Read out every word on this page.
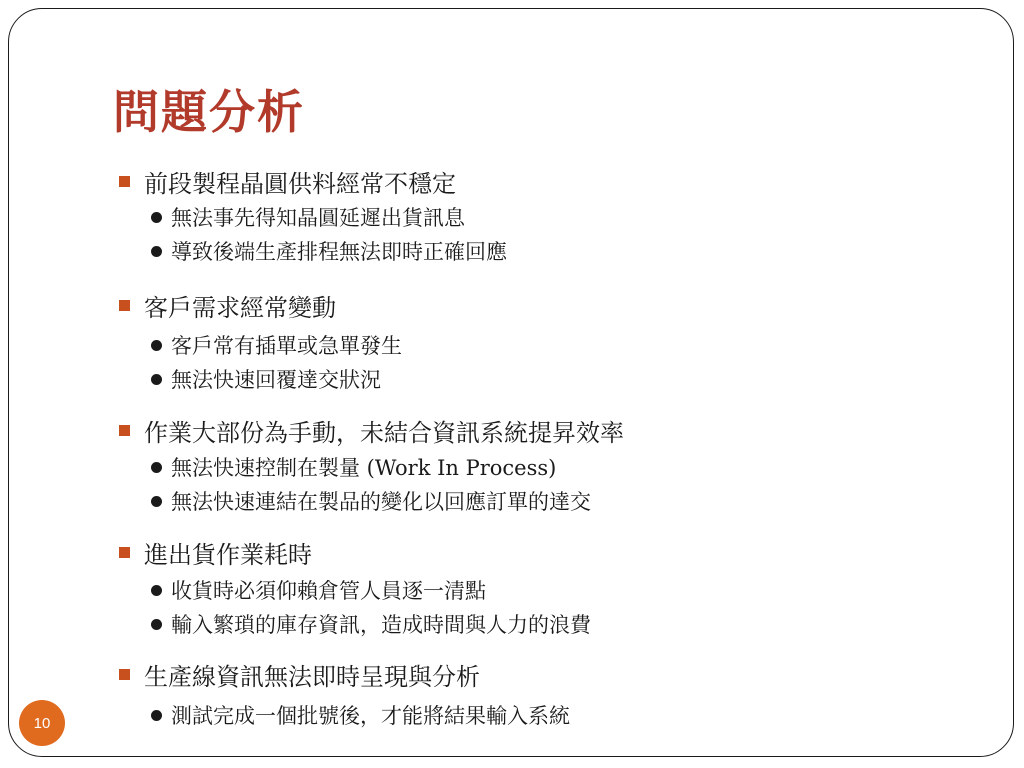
問題分析
前段製程晶圓供料經常不穩定
無法事先得知晶圓延遲出貨訊息
導致後端生產排程無法即時正確回應
客戶需求經常變動
客戶常有插單或急單發生
無法快速回覆達交狀況
作業大部份為手動，未結合資訊系統提昇效率
無法快速控制在製量 (Work In Process)
無法快速連結在製品的變化以回應訂單的達交
進出貨作業耗時
收貨時必須仰賴倉管人員逐一清點
輸入繁瑣的庫存資訊，造成時間與人力的浪費
生產線資訊無法即時呈現與分析
測試完成一個批號後，才能將結果輸入系統
10
